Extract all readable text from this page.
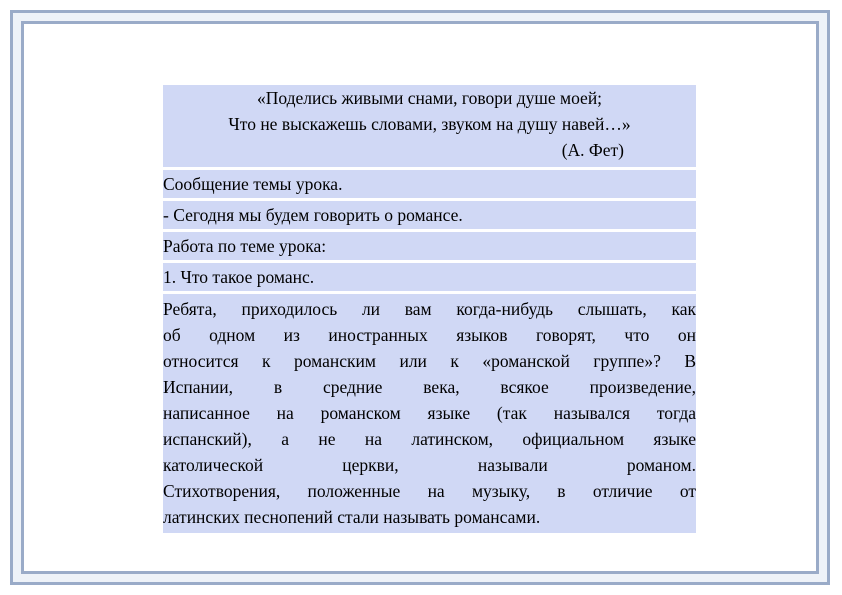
«Поделись живыми снами, говори душе моей;
Что не выскажешь словами, звуком на душу навей…»
(А. Фет)
Сообщение темы урока.
- Сегодня мы будем говорить о романсе.
Работа по теме урока:
1. Что такое романс.
Ребята, приходилось ли вам когда-нибудь слышать, как
об одном из иностранных языков говорят, что он
относится к романским или к «романской группе»? В
Испании, в средние века, всякое произведение,
написанное на романском языке (так назывался тогда
испанский), а не на латинском, официальном языке
католической церкви, называли романом.
Стихотворения, положенные на музыку, в отличие от
латинских песнопений стали называть романсами.
